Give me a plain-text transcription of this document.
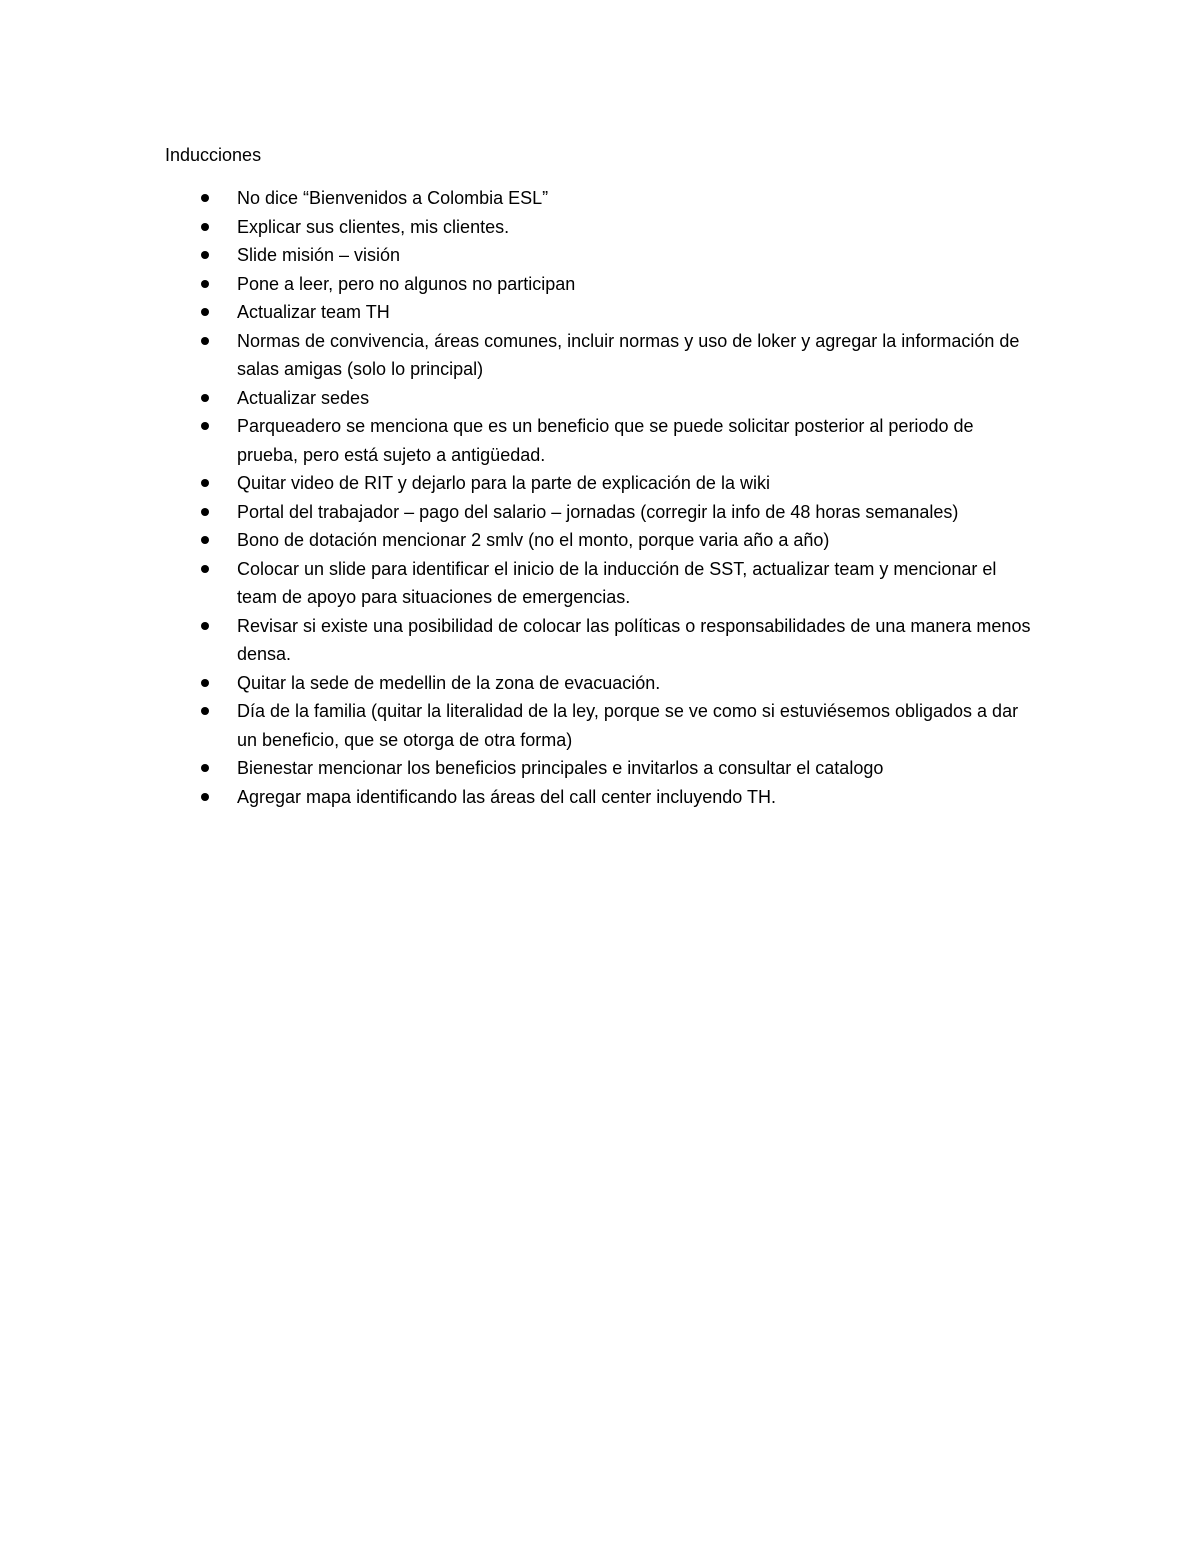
Inducciones
No dice “Bienvenidos a Colombia ESL”
Explicar sus clientes, mis clientes.
Slide misión – visión
Pone a leer, pero no algunos no participan
Actualizar team TH
Normas de convivencia, áreas comunes, incluir normas y uso de loker y agregar la información de salas amigas (solo lo principal)
Actualizar sedes
Parqueadero se menciona que es un beneficio que se puede solicitar posterior al periodo de prueba, pero está sujeto a antigüedad.
Quitar video de RIT y dejarlo para la parte de explicación de la wiki
Portal del trabajador – pago del salario – jornadas (corregir la info de 48 horas semanales)
Bono de dotación mencionar 2 smlv (no el monto, porque varia año a año)
Colocar un slide para identificar el inicio de la inducción de SST, actualizar team y mencionar el team de apoyo para situaciones de emergencias.
Revisar si existe una posibilidad de colocar las políticas o responsabilidades de una manera menos densa.
Quitar la sede de medellin de la zona de evacuación.
Día de la familia (quitar la literalidad de la ley, porque se ve como si estuviésemos obligados a dar un beneficio, que se otorga de otra forma)
Bienestar mencionar los beneficios principales e invitarlos a consultar el catalogo
Agregar mapa identificando las áreas del call center incluyendo TH.
